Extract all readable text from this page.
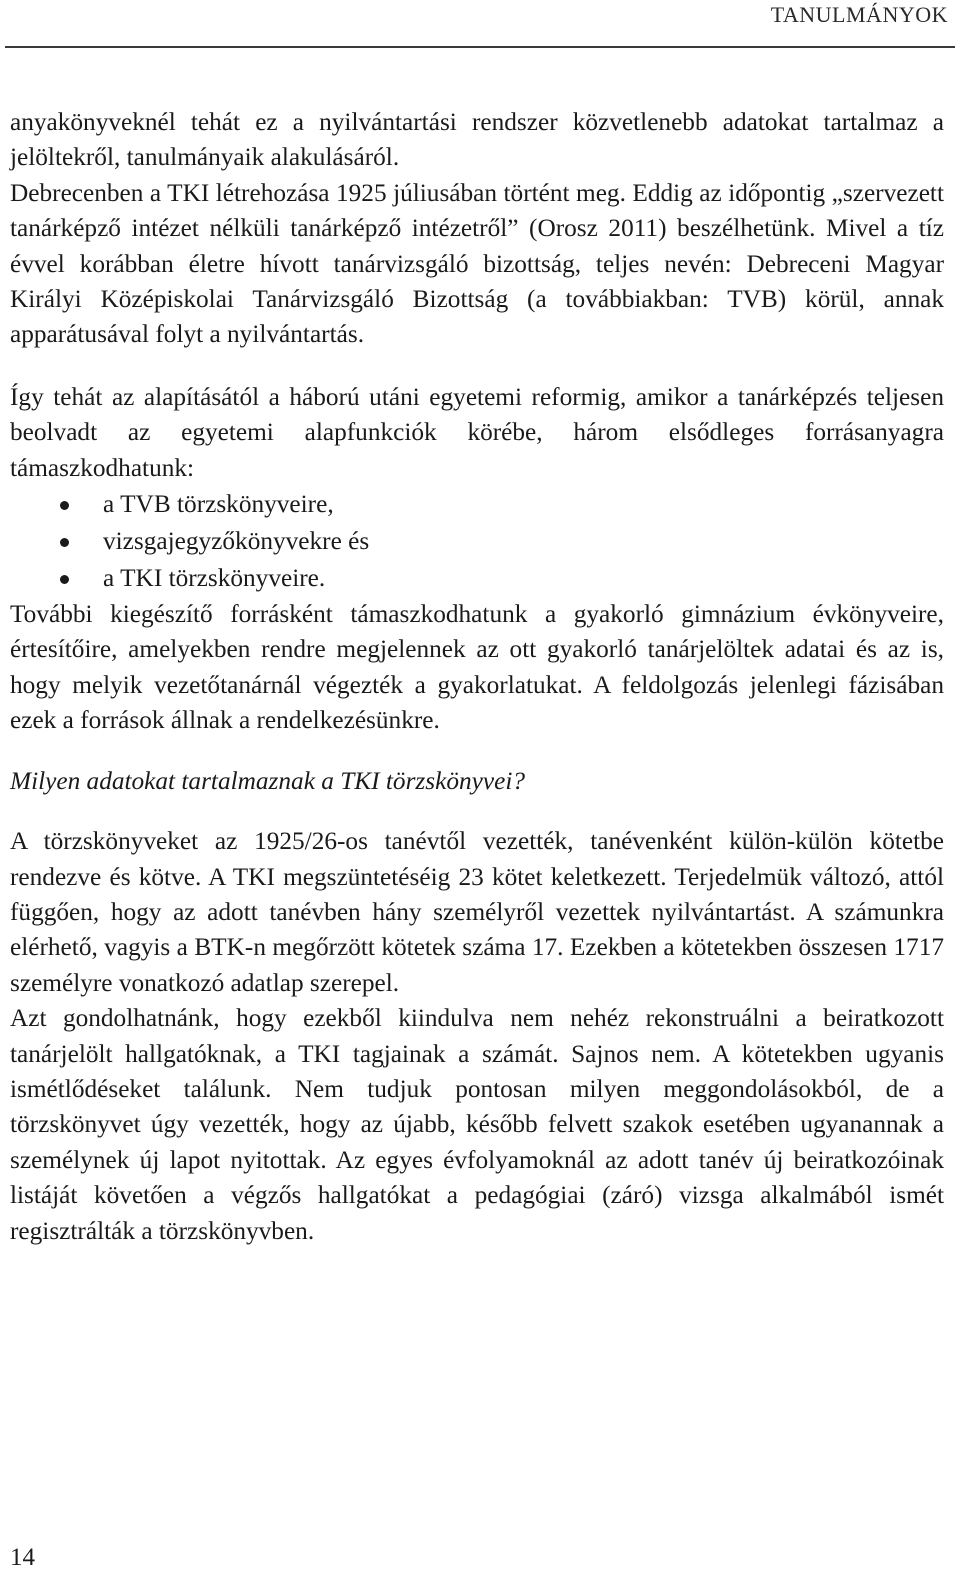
TANULMÁNYOK

anyakönyveknél tehát ez a nyilvántartási rendszer közvetlenebb adatokat tartalmaz a jelöltekről, tanulmányaik alakulásáról.

Debrecenben a TKI létrehozása 1925 júliusában történt meg. Eddig az időpontig „szervezett tanárképző intézet nélküli tanárképző intézetről” (Orosz 2011) beszélhetünk. Mivel a tíz évvel korábban életre hívott tanárvizsgáló bizottság, teljes nevén: Debreceni Magyar Királyi Középiskolai Tanárvizsgáló Bizottság (a továbbiakban: TVB) körül, annak apparátusával folyt a nyilvántartás.

Így tehát az alapításától a háború utáni egyetemi reformig, amikor a tanárképzés teljesen beolvadt az egyetemi alapfunkciók körébe, három elsődleges forrásanyagra támaszkodhatunk:

a TVB törzskönyveire,
vizsgajegyzőkönyvekre és
a TKI törzskönyveire.

További kiegészítő forrásként támaszkodhatunk a gyakorló gimnázium évkönyveire, értesítőire, amelyekben rendre megjelennek az ott gyakorló tanárjelöltek adatai és az is, hogy melyik vezetőtanárnál végezték a gyakorlatukat. A feldolgozás jelenlegi fázisában ezek a források állnak a rendelkezésünkre.

Milyen adatokat tartalmaznak a TKI törzskönyvei?

A törzskönyveket az 1925/26-os tanévtől vezették, tanévenként külön-külön kötetbe rendezve és kötve. A TKI megszüntetéséig 23 kötet keletkezett. Terjedelmük változó, attól függően, hogy az adott tanévben hány személyről vezettek nyilvántartást. A számunkra elérhető, vagyis a BTK-n megőrzött kötetek száma 17. Ezekben a kötetekben összesen 1717 személyre vonatkozó adatlap szerepel.

Azt gondolhatnánk, hogy ezekből kiindulva nem nehéz rekonstruálni a beiratkozott tanárjelölt hallgatóknak, a TKI tagjainak a számát. Sajnos nem. A kötetekben ugyanis ismétlődéseket találunk. Nem tudjuk pontosan milyen meggondolásokból, de a törzskönyvet úgy vezették, hogy az újabb, később felvett szakok esetében ugyanannak a személynek új lapot nyitottak. Az egyes évfolyamoknál az adott tanév új beiratkozóinak listáját követően a végzős hallgatókat a pedagógiai (záró) vizsga alkalmából ismét regisztrálták a törzskönyvben.

14
